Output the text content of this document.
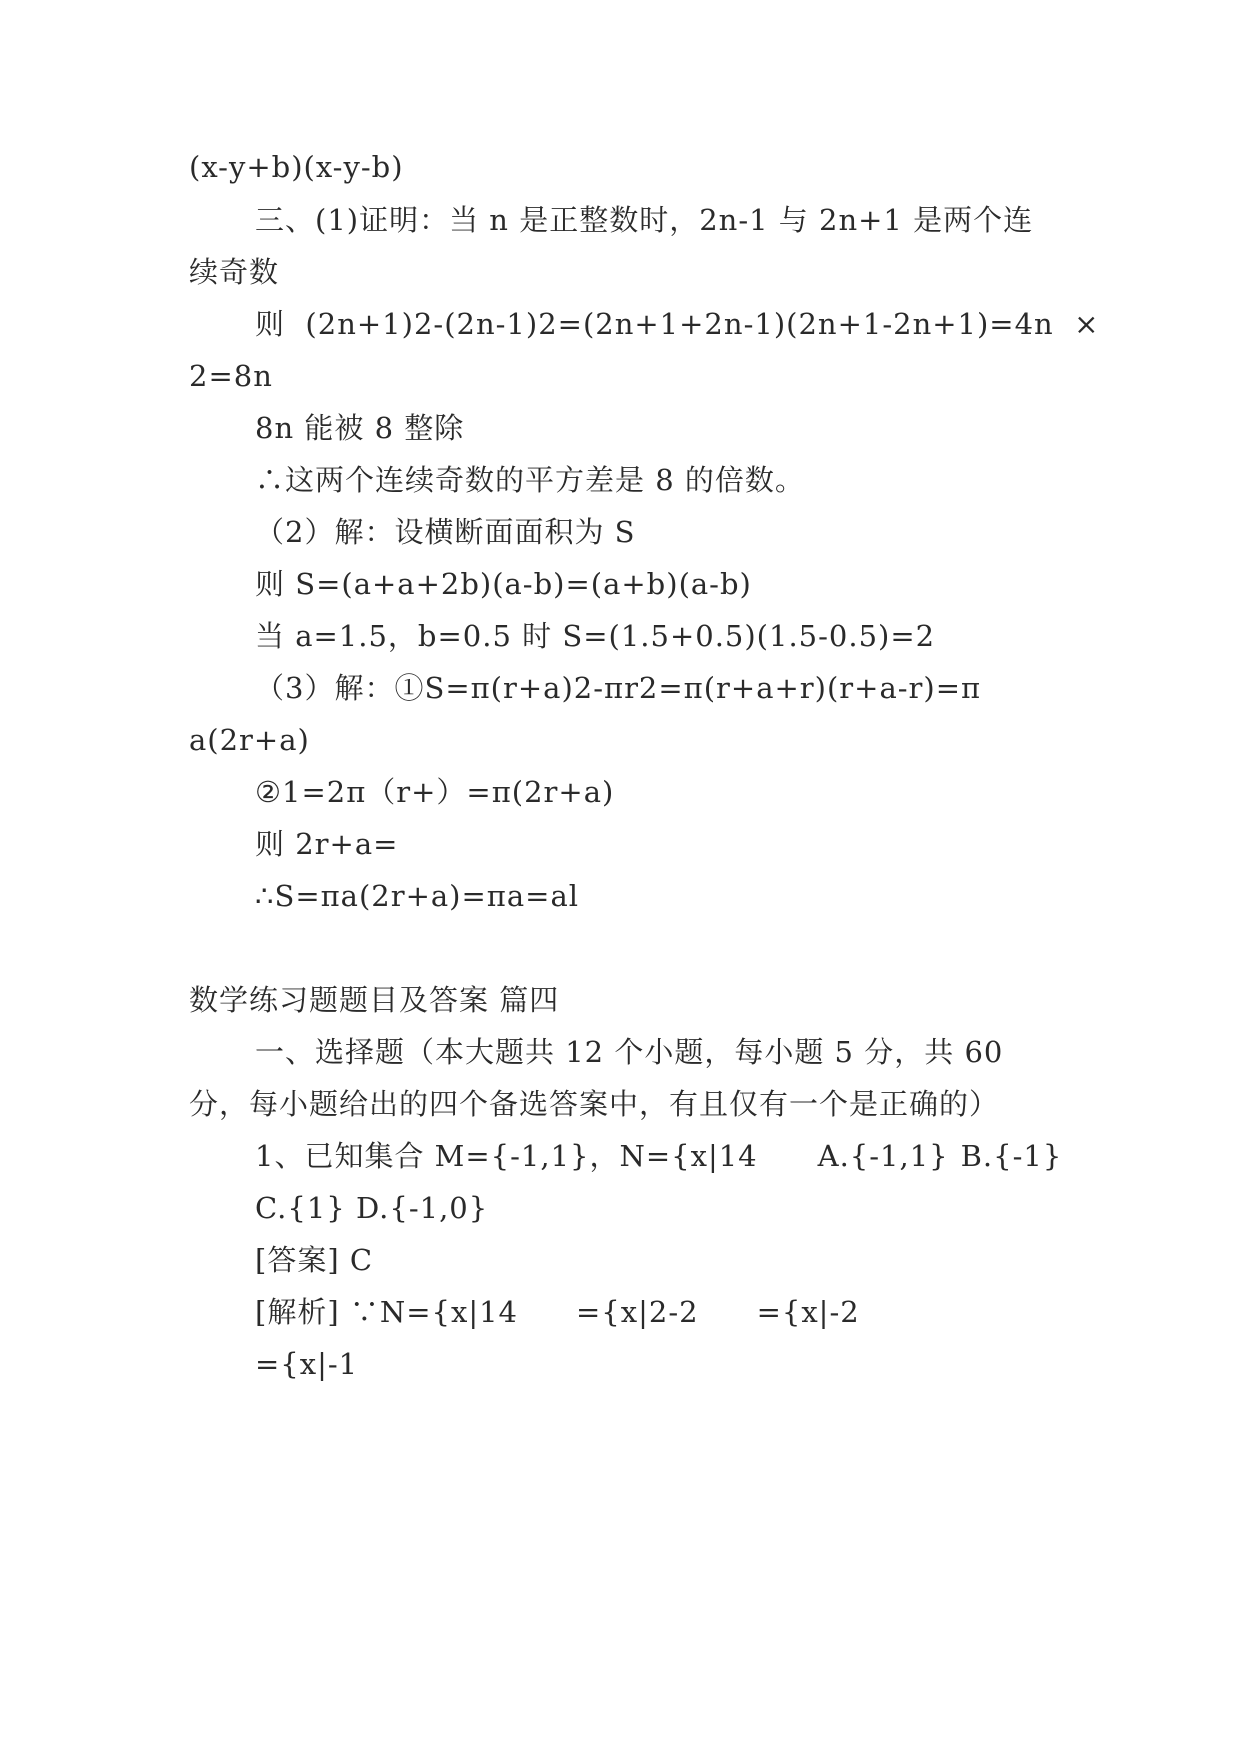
(x-y+b)(x-y-b)

三、(1)证明：当 n 是正整数时，2n-1 与 2n+1 是两个连

续奇数

则  (2n+1)2-(2n-1)2=(2n+1+2n-1)(2n+1-2n+1)=4n  ×

2=8n

8n 能被 8 整除

∴这两个连续奇数的平方差是 8 的倍数。

（2）解：设横断面面积为 S

则 S=(a+a+2b)(a-b)=(a+b)(a-b)

当 a=1.5，b=0.5 时 S=(1.5+0.5)(1.5-0.5)=2

（3）解：①S=π(r+a)2-πr2=π(r+a+r)(r+a-r)=π

a(2r+a)

②1=2π（r+）=π(2r+a)

则 2r+a=

∴S=πa(2r+a)=πa=al

数学练习题题目及答案 篇四

一、选择题（本大题共 12 个小题，每小题 5 分，共 60

分，每小题给出的四个备选答案中，有且仅有一个是正确的）

1、已知集合 M={-1,1}，N={x|14 A.{-1,1} B.{-1}

C.{1} D.{-1,0}

[答案] C

[解析] ∵N={x|14 ={x|2-2 ={x|-2

={x|-1
